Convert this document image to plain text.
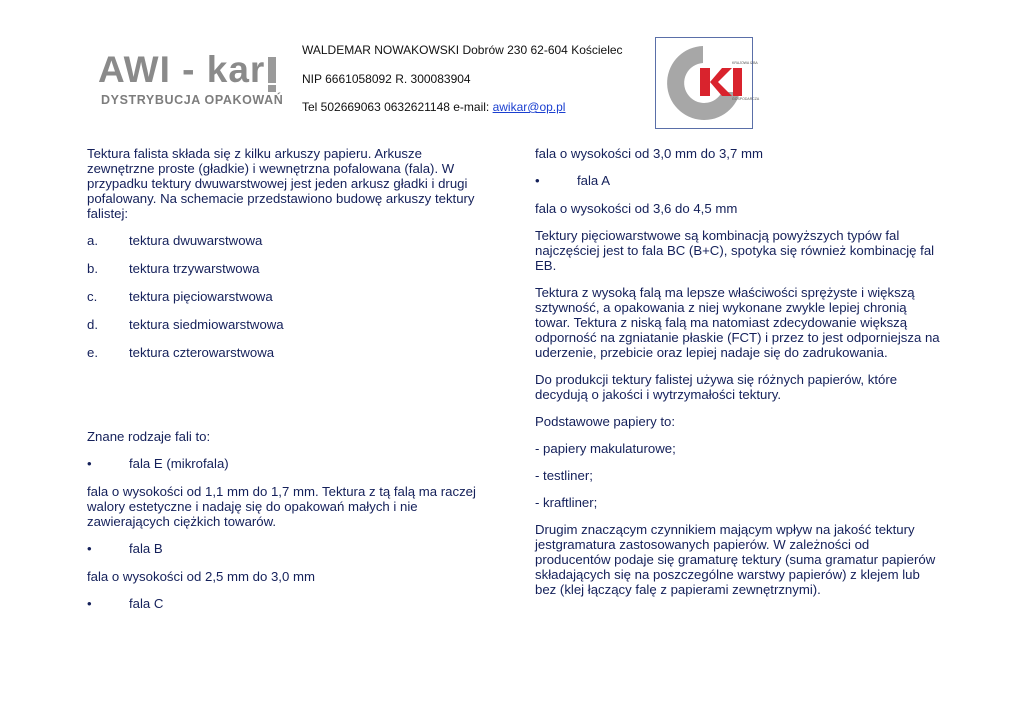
AWI - kar
DYSTRYBUCJA OPAKOWAŃ
WALDEMAR NOWAKOWSKI Dobrów 230 62-604 Kościelec
NIP 6661058092 R. 300083904
Tel 502669063 0632621148 e-mail: awikar@op.pl
KRAJOWA IZBA
GOSPODARCZA

Tektura falista składa się z kilku arkuszy papieru. Arkusze zewnętrzne proste (gładkie) i wewnętrzna pofalowana (fala). W przypadku tektury dwuwarstwowej jest jeden arkusz gładki i drugi pofalowany. Na schemacie przedstawiono budowę arkuszy tektury falistej:

a.	tektura dwuwarstwowa
b.	tektura trzywarstwowa
c.	tektura pięciowarstwowa
d.	tektura siedmiowarstwowa
e.	tektura czterowarstwowa

Znane rodzaje fali to:

•	fala E (mikrofala)

fala o wysokości od 1,1 mm do 1,7 mm. Tektura z tą falą ma raczej walory estetyczne i nadaję się do opakowań małych i nie zawierających ciężkich towarów.

•	fala B

fala o wysokości od 2,5 mm do 3,0 mm

•	fala C

fala o wysokości od 3,0 mm do 3,7 mm

•	fala A

fala o wysokości od 3,6 do 4,5 mm

Tektury pięciowarstwowe są kombinacją powyższych typów fal najczęściej jest to fala BC (B+C), spotyka się również kombinację fal EB.

Tektura z wysoką falą ma lepsze właściwości sprężyste i większą sztywność, a opakowania z niej wykonane zwykle lepiej chronią towar. Tektura z niską falą ma natomiast zdecydowanie większą odporność na zgniatanie płaskie (FCT) i przez to jest odporniejsza na uderzenie, przebicie oraz lepiej nadaje się do zadrukowania.

Do produkcji tektury falistej używa się różnych papierów, które decydują o jakości i wytrzymałości tektury.

Podstawowe papiery to:

- papiery makulaturowe;

- testliner;

- kraftliner;

Drugim znaczącym czynnikiem mającym wpływ na jakość tektury jestgramatura zastosowanych papierów. W zależności od producentów podaje się gramaturę tektury (suma gramatur papierów składających się na poszczególne warstwy papierów) z klejem lub bez (klej łączący falę z papierami zewnętrznymi).
